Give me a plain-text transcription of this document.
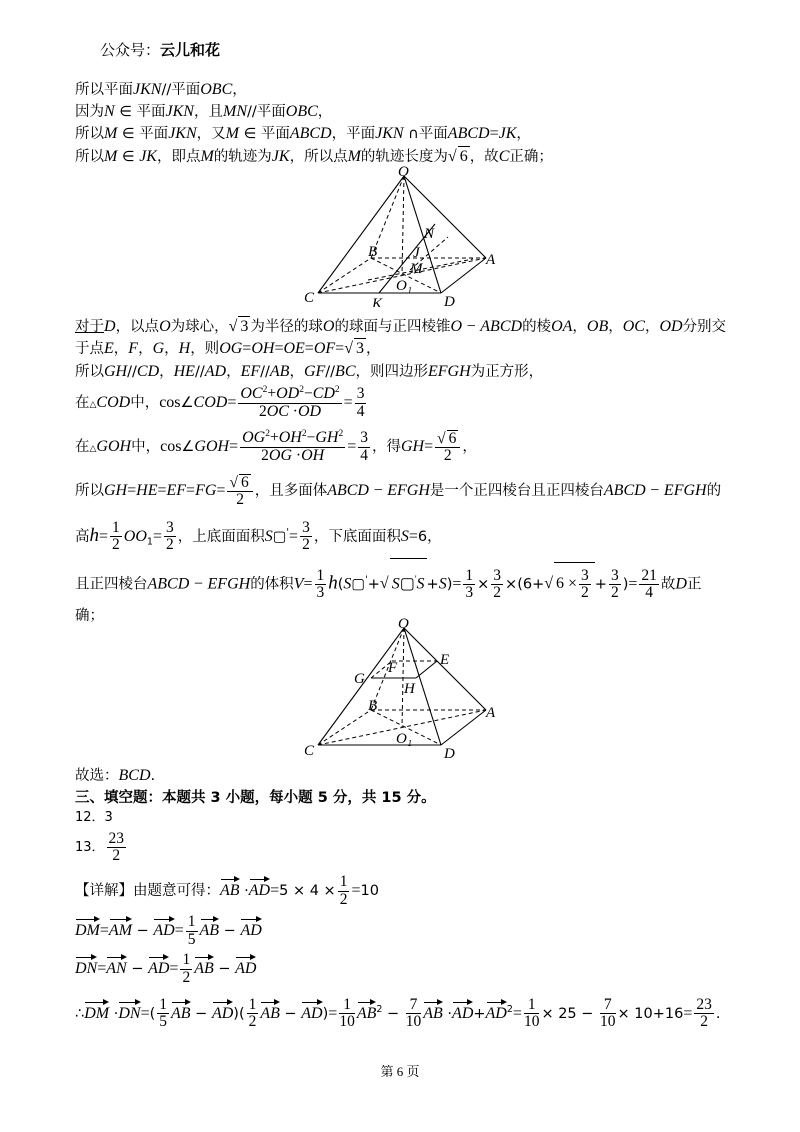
公众号：云儿和花
所以平面JKN//平面OBC，
因为N ∈ 平面JKN，且MN//平面OBC，
所以M ∈ 平面JKN，又M ∈ 平面ABCD，平面JKN ∩平面ABCD=JK，
所以M ∈ JK，即点M的轨迹为JK，所以点M的轨迹长度为√ 6 ，故C正确；
O
N
B J
M
A
C
O₁
K	D
对于D，以点O为球心，√ 3 为半径的球O的球面与正四棱锥O − ABCD的棱OA，OB，OC，OD分别交
于点E，F，G，H，则OG=OH=OE=OF=√ 3 ，
所以GH//CD，HE//AD，EF//AB，GF//BC，则四边形EFGH为正方形，
在△COD中，cos∠COD= $\frac{OC^2+OD^2-CD^2}{2OC \cdot OD} = \frac{3}{4}$
在△GOH中，cos∠GOH= $\frac{OG^2+OH^2-GH^2}{2OG \cdot OH} = \frac{3}{4}$ ，得$GH= \frac{√ 6}{2}$ ，
所以$GH=HE=EF=FG= \frac{√ 6}{2}$ ，且多面体ABCD − EFGH是一个正四棱台且正四棱台ABCD − EFGH的
高$h= \frac{1}{2} OO_1= \frac{3}{2}$ ，上底面面积S▢'= $\frac{3}{2}$ ，下底面面积S=6，
且正四棱台ABCD − EFGH的体积$V= \frac{1}{3}$ h(S▢'+√ S▢'S $+S)= \frac{1}{3} \times \frac{3}{2} \times(6+√$ $6 \times \frac{3}{2} + \frac{3}{2}$ )= $\frac{21}{4}$ 故D正
确；	O
F	E
G
H
B	A
C
O₁
D
故选：BCD.
三、填空题：本题共 3 小题，每小题 5 分，共 15 分。
12．3
13． $\frac{23}{2}$
【详解】由题意可得：AB $\cdot AD=5 \times 4 \times \frac{1}{2} =10$
$DM=AM - AD= \frac{1}{5}$ AB − AD
$DN=AN - AD= \frac{1}{2}$ AB − AD
∴DM $\cdot DN=( \frac{1}{5}$ AB − $AD)( \frac{1}{2}$ AB − $AD)= \frac{1}{10} AB^2 - \frac{7}{10}$ AB $\cdot AD+AD^2= \frac{1}{10} \times 25 - \frac{7}{10} \times 10+16= \frac{23}{2}$ .
第 6 页
